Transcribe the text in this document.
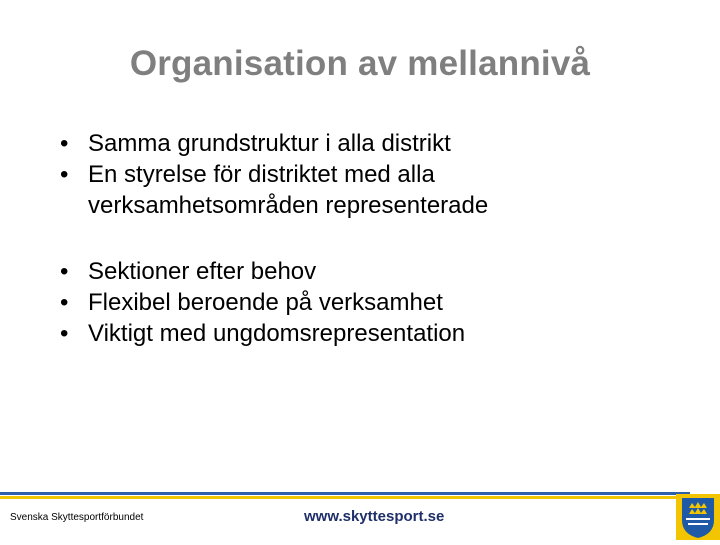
Organisation av mellannivå
• Samma grundstruktur i alla distrikt
• En styrelse för distriktet med alla verksamhetsområden representerade
• Sektioner efter behov
• Flexibel beroende på verksamhet
• Viktigt med ungdomsrepresentation
Svenska Skyttesportförbundet	www.skyttesport.se
